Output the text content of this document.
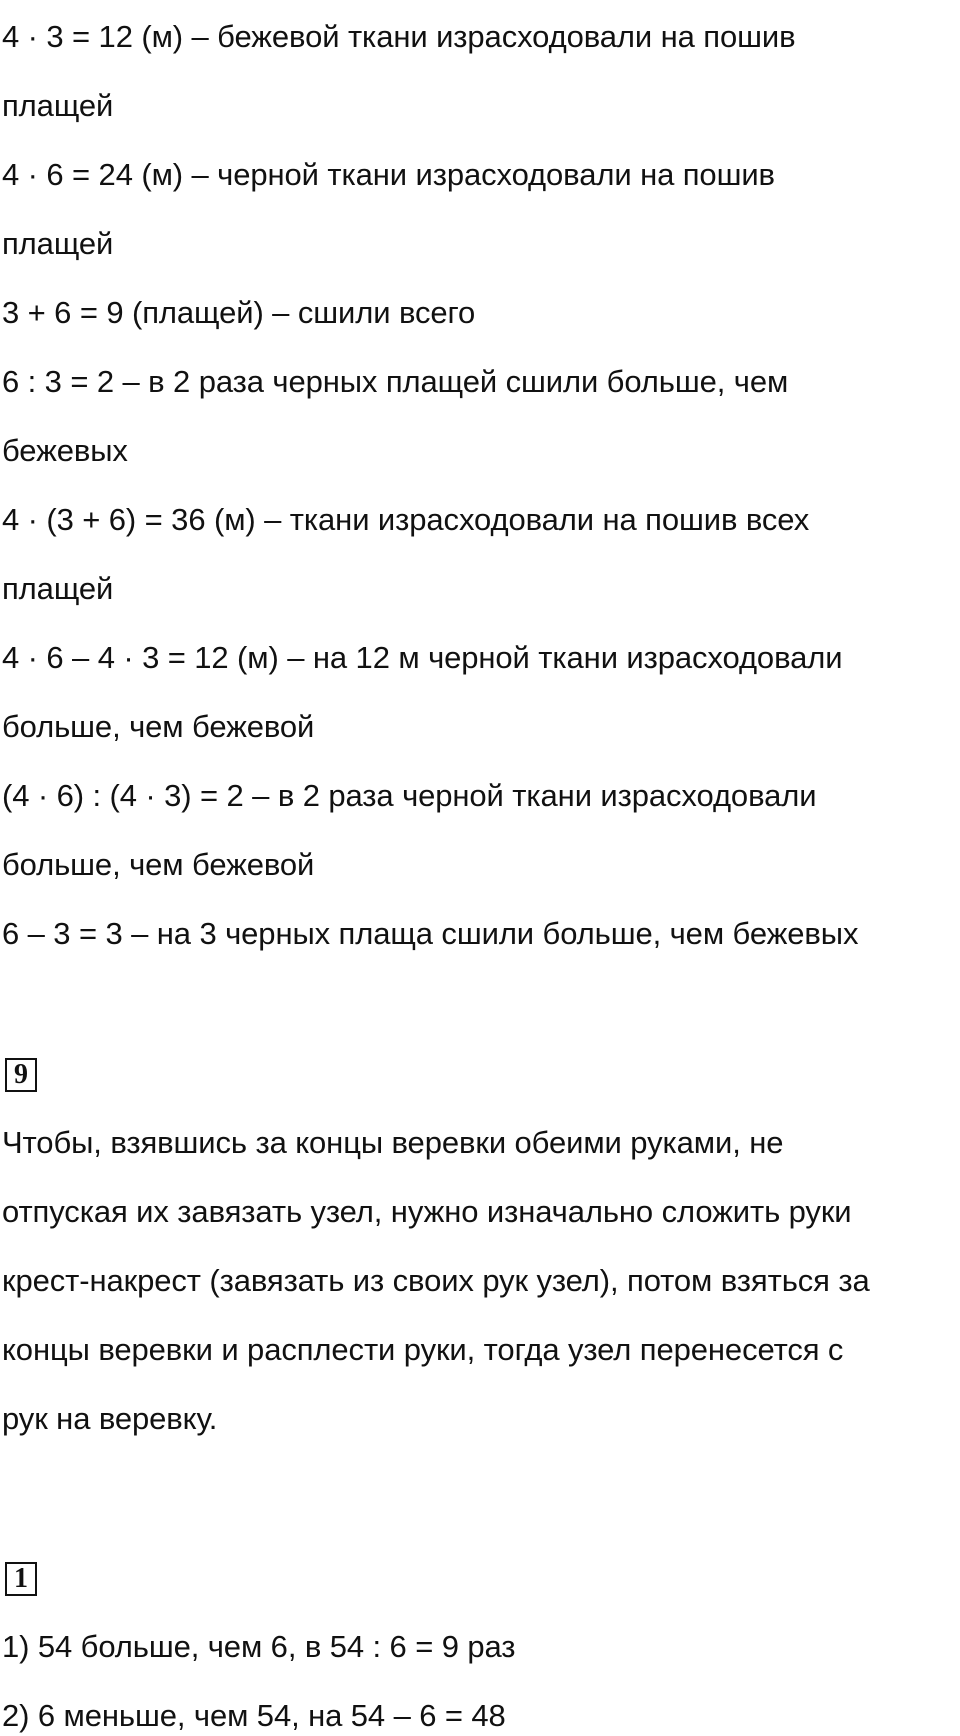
4 · 3 = 12 (м) – бежевой ткани израсходовали на пошив
плащей
4 · 6 = 24 (м) – черной ткани израсходовали на пошив
плащей
3 + 6 = 9 (плащей) – сшили всего
6 : 3 = 2 – в 2 раза черных плащей сшили больше, чем
бежевых
4 · (3 + 6) = 36 (м) – ткани израсходовали на пошив всех
плащей
4 · 6 – 4 · 3 = 12 (м) – на 12 м черной ткани израсходовали
больше, чем бежевой
(4 · 6) : (4 · 3) = 2 – в 2 раза черной ткани израсходовали
больше, чем бежевой
6 – 3 = 3 – на 3 черных плаща сшили больше, чем бежевых
9
Чтобы, взявшись за концы веревки обеими руками, не
отпуская их завязать узел, нужно изначально сложить руки
крест-накрест (завязать из своих рук узел), потом взяться за
концы веревки и расплести руки, тогда узел перенесется с
рук на веревку.
1
1) 54 больше, чем 6, в 54 : 6 = 9 раз
2) 6 меньше, чем 54, на 54 – 6 = 48
